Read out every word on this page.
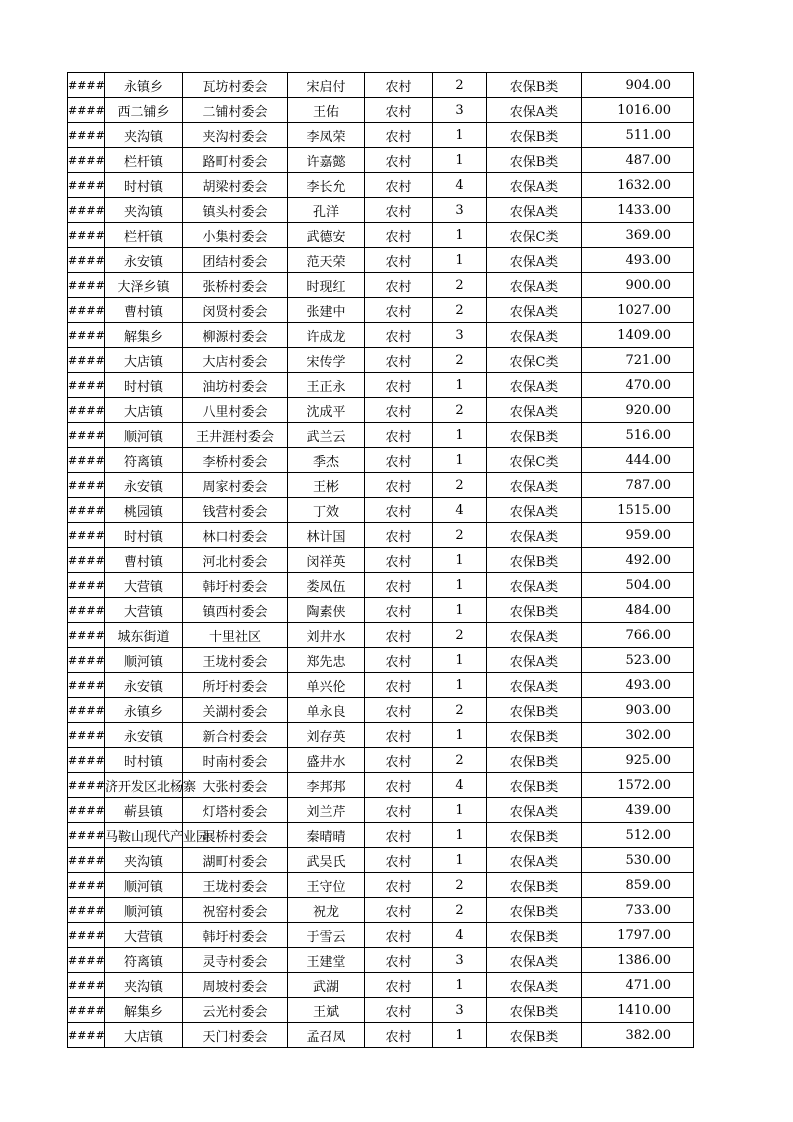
####	永镇乡	瓦坊村委会	宋启付	农村	2	农保B类	904.00
####	西二铺乡	二铺村委会	王佑	农村	3	农保A类	1016.00
####	夹沟镇	夹沟村委会	李凤荣	农村	1	农保B类	511.00
####	栏杆镇	路町村委会	许嘉懿	农村	1	农保B类	487.00
####	时村镇	胡梁村委会	李长允	农村	4	农保A类	1632.00
####	夹沟镇	镇头村委会	孔洋	农村	3	农保A类	1433.00
####	栏杆镇	小集村委会	武德安	农村	1	农保C类	369.00
####	永安镇	团结村委会	范天荣	农村	1	农保A类	493.00
####	大泽乡镇	张桥村委会	时现红	农村	2	农保A类	900.00
####	曹村镇	闵贤村委会	张建中	农村	2	农保A类	1027.00
####	解集乡	柳源村委会	许成龙	农村	3	农保A类	1409.00
####	大店镇	大店村委会	宋传学	农村	2	农保C类	721.00
####	时村镇	油坊村委会	王正永	农村	1	农保A类	470.00
####	大店镇	八里村委会	沈成平	农村	2	农保A类	920.00
####	顺河镇	王井涯村委会	武兰云	农村	1	农保B类	516.00
####	符离镇	李桥村委会	季杰	农村	1	农保C类	444.00
####	永安镇	周家村委会	王彬	农村	2	农保A类	787.00
####	桃园镇	钱营村委会	丁效	农村	4	农保A类	1515.00
####	时村镇	林口村委会	林计国	农村	2	农保A类	959.00
####	曹村镇	河北村委会	闵祥英	农村	1	农保B类	492.00
####	大营镇	韩圩村委会	娄凤伍	农村	1	农保A类	504.00
####	大营镇	镇西村委会	陶素侠	农村	1	农保B类	484.00
####	城东街道	十里社区	刘井水	农村	2	农保A类	766.00
####	顺河镇	王垅村委会	郑先忠	农村	1	农保A类	523.00
####	永安镇	所圩村委会	单兴伦	农村	1	农保A类	493.00
####	永镇乡	关湖村委会	单永良	农村	2	农保B类	903.00
####	永安镇	新合村委会	刘存英	农村	1	农保B类	302.00
####	时村镇	时南村委会	盛井水	农村	2	农保B类	925.00
####	济开发区北杨寨	大张村委会	李邦邦	农村	4	农保B类	1572.00
####	蕲县镇	灯塔村委会	刘兰芹	农村	1	农保A类	439.00
####	马鞍山现代产业园	展桥村委会	秦晴晴	农村	1	农保B类	512.00
####	夹沟镇	湖町村委会	武吴氏	农村	1	农保A类	530.00
####	顺河镇	王垅村委会	王守位	农村	2	农保B类	859.00
####	顺河镇	祝窑村委会	祝龙	农村	2	农保B类	733.00
####	大营镇	韩圩村委会	于雪云	农村	4	农保B类	1797.00
####	符离镇	灵寺村委会	王建堂	农村	3	农保A类	1386.00
####	夹沟镇	周坡村委会	武湖	农村	1	农保A类	471.00
####	解集乡	云光村委会	王斌	农村	3	农保B类	1410.00
####	大店镇	天门村委会	孟召凤	农村	1	农保B类	382.00
